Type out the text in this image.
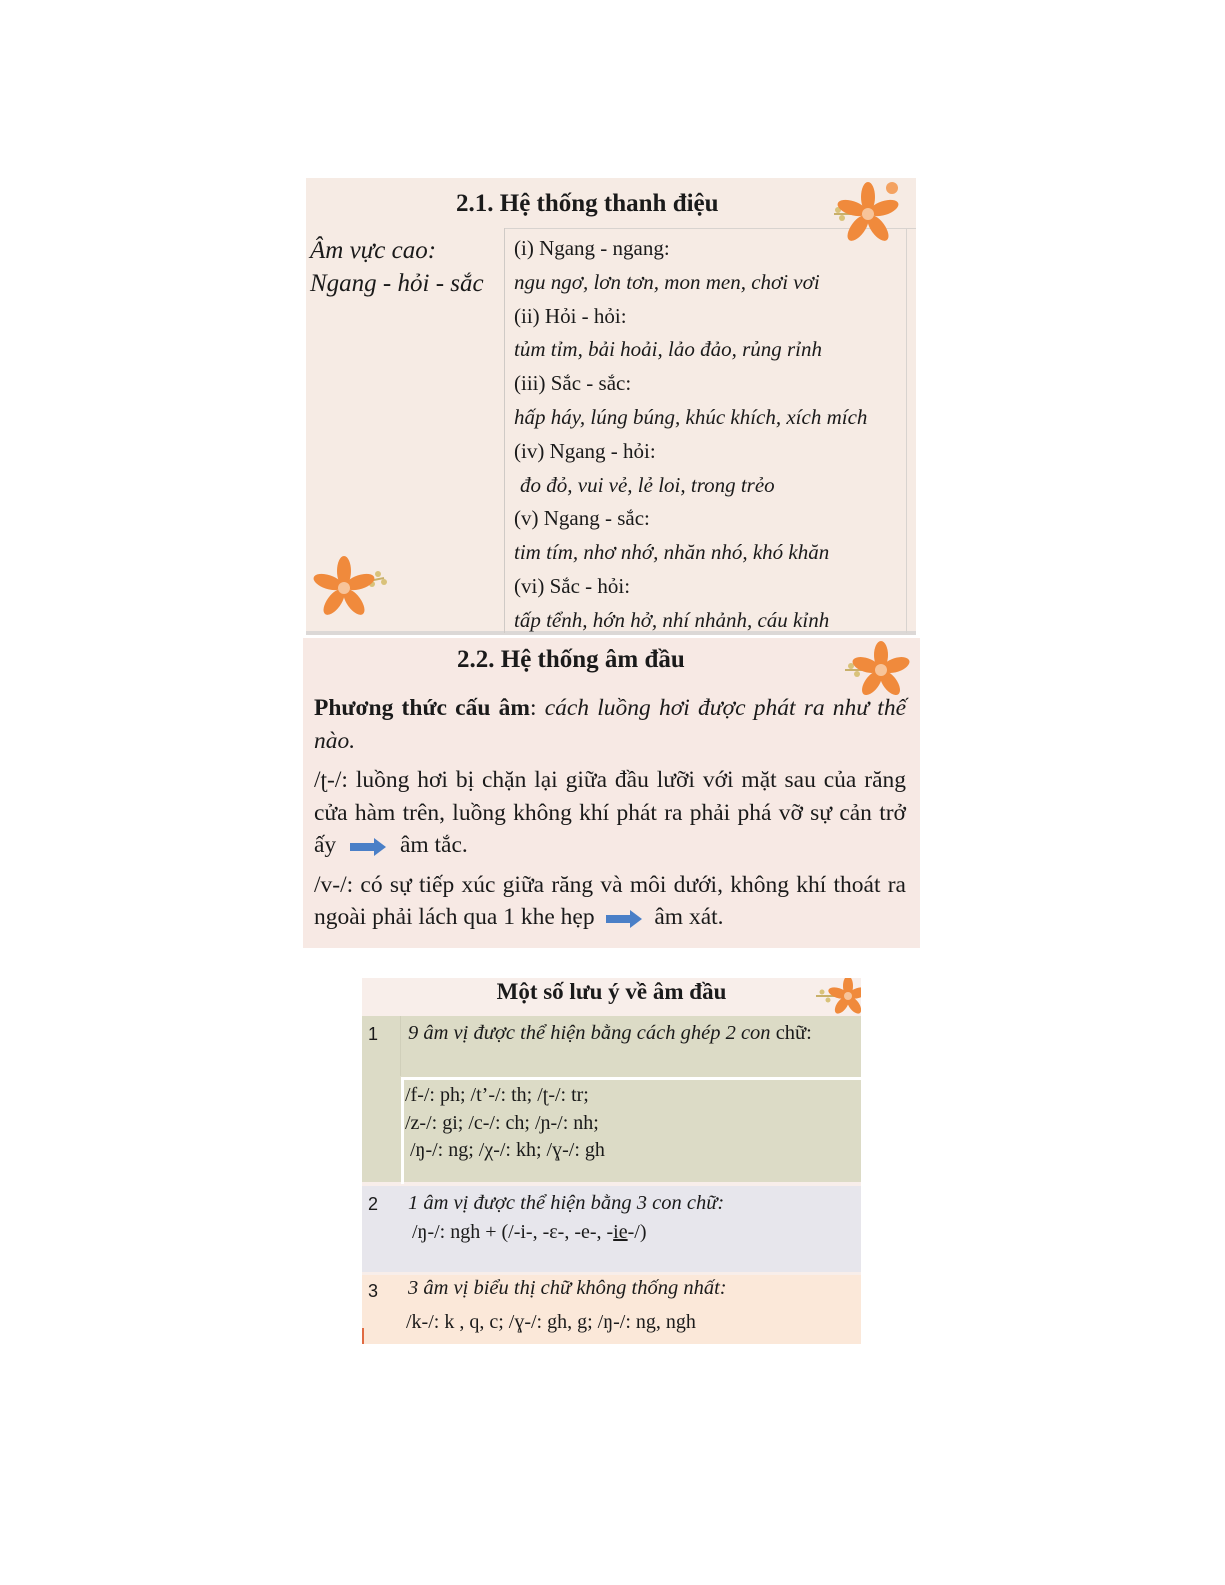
2.1. Hệ thống thanh điệu
Âm vực cao:
Ngang - hỏi - sắc
(i) Ngang - ngang:
ngu ngơ, lơn tơn, mon men, chơi vơi
(ii) Hỏi - hỏi:
tủm tỉm, bải hoải, lảo đảo, rủng rỉnh
(iii) Sắc - sắc:
hấp háy, lúng búng, khúc khích, xích mích
(iv) Ngang - hỏi:
đo đỏ, vui vẻ, lẻ loi, trong trẻo
(v) Ngang - sắc:
tim tím, nhơ nhớ, nhăn nhó, khó khăn
(vi) Sắc - hỏi:
tấp tểnh, hớn hở, nhí nhảnh, cáu kỉnh
2.2. Hệ thống âm đầu

Phương thức cấu âm: cách luồng hơi được phát ra như thế nào.

/ʈ-/: luồng hơi bị chặn lại giữa đầu lưỡi với mặt sau của răng cửa hàm trên, luồng không khí phát ra phải phá vỡ sự cản trở ấy	âm tắc.

/v-/: có sự tiếp xúc giữa răng và môi dưới, không khí thoát ra ngoài phải lách qua 1 khe hẹp	âm xát.

Một số lưu ý về âm đầu
1 9 âm vị được thể hiện bằng cách ghép 2 con chữ:
/f-/: ph; /t’-/: th; /ʈ-/: tr;
/z-/: gi; /c-/: ch; /ɲ-/: nh;
/ŋ-/: ng; /χ-/: kh; /ɣ-/: gh
2 1 âm vị được thể hiện bằng 3 con chữ:
/ŋ-/: ngh + (/-i-, -ɛ-, -e-, -ie-/)
3 3 âm vị biểu thị chữ không thống nhất:
/k-/: k , q, c; /ɣ-/: gh, g; /ŋ-/: ng, ngh
